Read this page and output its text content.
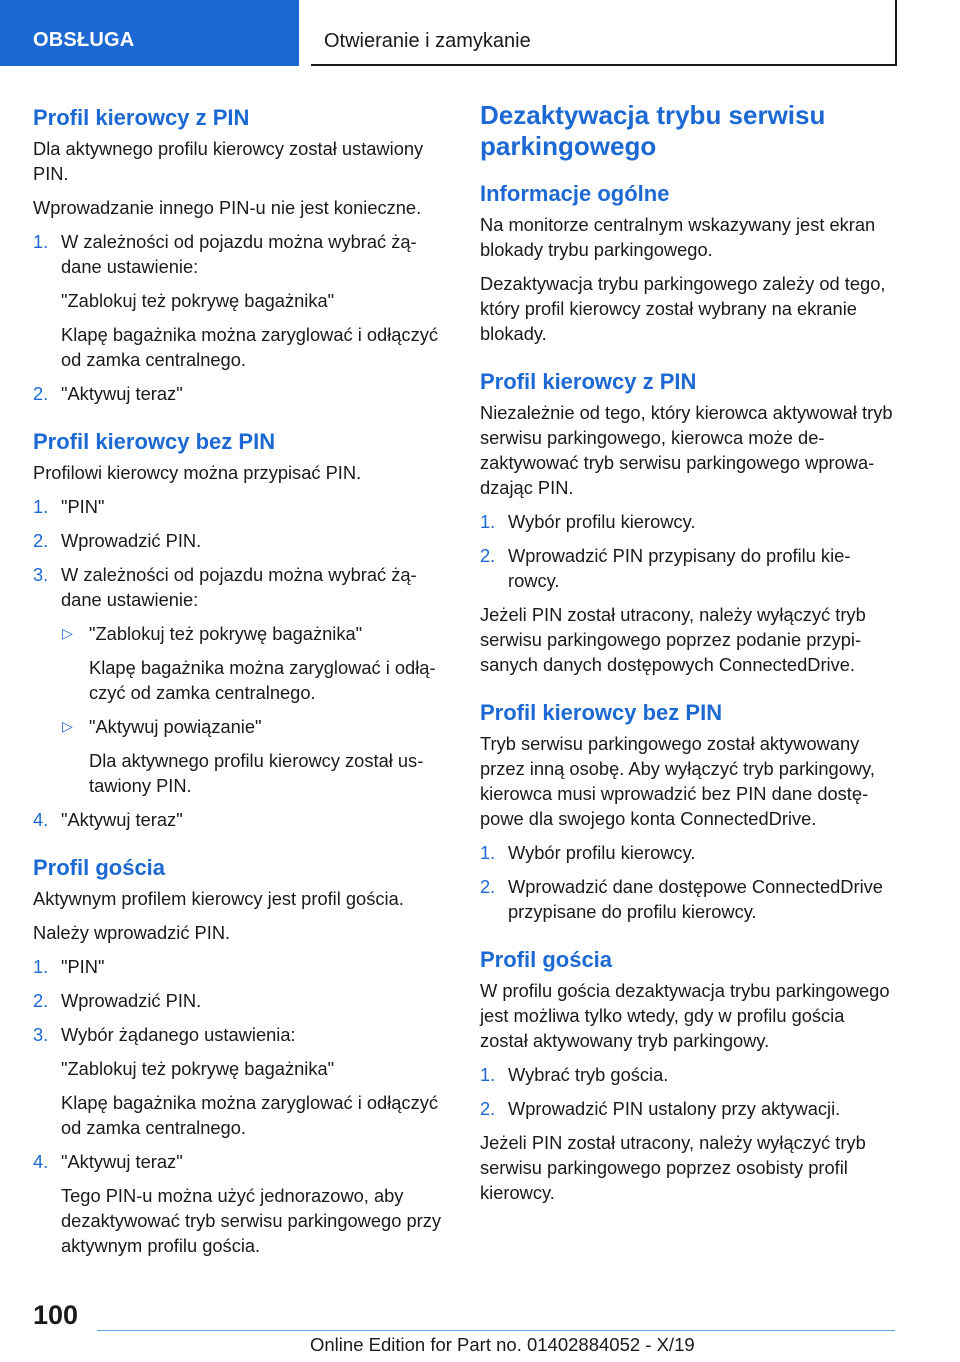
OBSŁUGA	Otwieranie i zamykanie
Profil kierowcy z PIN

Dla aktywnego profilu kierowcy został ustawiony PIN.

Wprowadzanie innego PIN-u nie jest konieczne.

1. W zależności od pojazdu można wybrać żądane ustawienie:
"Zablokuj też pokrywę bagażnika"
Klapę bagażnika można zaryglować i odłączyć od zamka centralnego.
2. "Aktywuj teraz"
Profil kierowcy bez PIN

Profilowi kierowcy można przypisać PIN.

1. "PIN"
2. Wprowadzić PIN.
3. W zależności od pojazdu można wybrać żądane ustawienie:
▷ "Zablokuj też pokrywę bagażnika"
Klapę bagażnika można zaryglować i odłączyć od zamka centralnego.
▷ "Aktywuj powiązanie"
Dla aktywnego profilu kierowcy został ustawiony PIN.
4. "Aktywuj teraz"
Profil gościa

Aktywnym profilem kierowcy jest profil gościa.

Należy wprowadzić PIN.

1. "PIN"
2. Wprowadzić PIN.
3. Wybór żądanego ustawienia:
"Zablokuj też pokrywę bagażnika"
Klapę bagażnika można zaryglować i odłączyć od zamka centralnego.
4. "Aktywuj teraz"
Tego PIN-u można użyć jednorazowo, aby dezaktywować tryb serwisu parkingowego przy aktywnym profilu gościa.
Dezaktywacja trybu serwisu parkingowego
Informacje ogólne

Na monitorze centralnym wskazywany jest ekran blokady trybu parkingowego.

Dezaktywacja trybu parkingowego zależy od tego, który profil kierowcy został wybrany na ekranie blokady.

Profil kierowcy z PIN

Niezależnie od tego, który kierowca aktywował tryb serwisu parkingowego, kierowca może dezaktywować tryb serwisu parkingowego wprowadzając PIN.

1. Wybór profilu kierowcy.
2. Wprowadzić PIN przypisany do profilu kierowcy.

Jeżeli PIN został utracony, należy wyłączyć tryb serwisu parkingowego poprzez podanie przypisanych danych dostępowych ConnectedDrive.

Profil kierowcy bez PIN

Tryb serwisu parkingowego został aktywowany przez inną osobę. Aby wyłączyć tryb parkingowy, kierowca musi wprowadzić bez PIN dane dostępowe dla swojego konta ConnectedDrive.

1. Wybór profilu kierowcy.
2. Wprowadzić dane dostępowe ConnectedDrive przypisane do profilu kierowcy.
Profil gościa

W profilu gościa dezaktywacja trybu parkingowego jest możliwa tylko wtedy, gdy w profilu gościa został aktywowany tryb parkingowy.

1. Wybrać tryb gościa.
2. Wprowadzić PIN ustalony przy aktywacji.

Jeżeli PIN został utracony, należy wyłączyć tryb serwisu parkingowego poprzez osobisty profil kierowcy.

100
Online Edition for Part no. 01402884052 - X/19
